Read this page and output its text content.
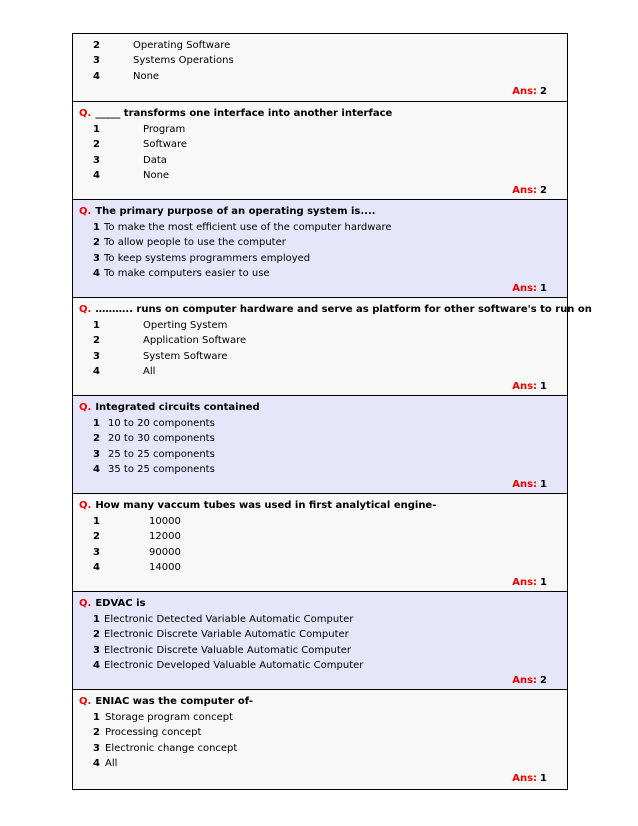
2	Operating Software
3	Systems Operations
4	None
Ans: 2
Q. _____ transforms one interface into another interface
1	Program
2	Software
3	Data
4	None
Ans: 2
Q. The primary purpose of an operating system is....
1 To make the most efficient use of the computer hardware
2 To allow people to use the computer
3 To keep systems programmers employed
4 To make computers easier to use
Ans: 1
Q. ……….. runs on computer hardware and serve as platform for other software's to run on
1	Operting System
2	Application Software
3	System Software
4	All
Ans: 1
Q. Integrated circuits contained
1 10 to 20 components
2 20 to 30 components
3 25 to 25 components
4 35 to 25 components
Ans: 1
Q. How many vaccum tubes was used in first analytical engine-
1	10000
2	12000
3	90000
4	14000
Ans: 1
Q. EDVAC is
1 Electronic Detected Variable Automatic Computer
2 Electronic Discrete Variable Automatic Computer
3 Electronic Discrete Valuable Automatic Computer
4 Electronic Developed Valuable Automatic Computer
Ans: 2
Q. ENIAC was the computer of-
1 Storage program concept
2 Processing concept
3 Electronic change concept
4 All
Ans: 1
